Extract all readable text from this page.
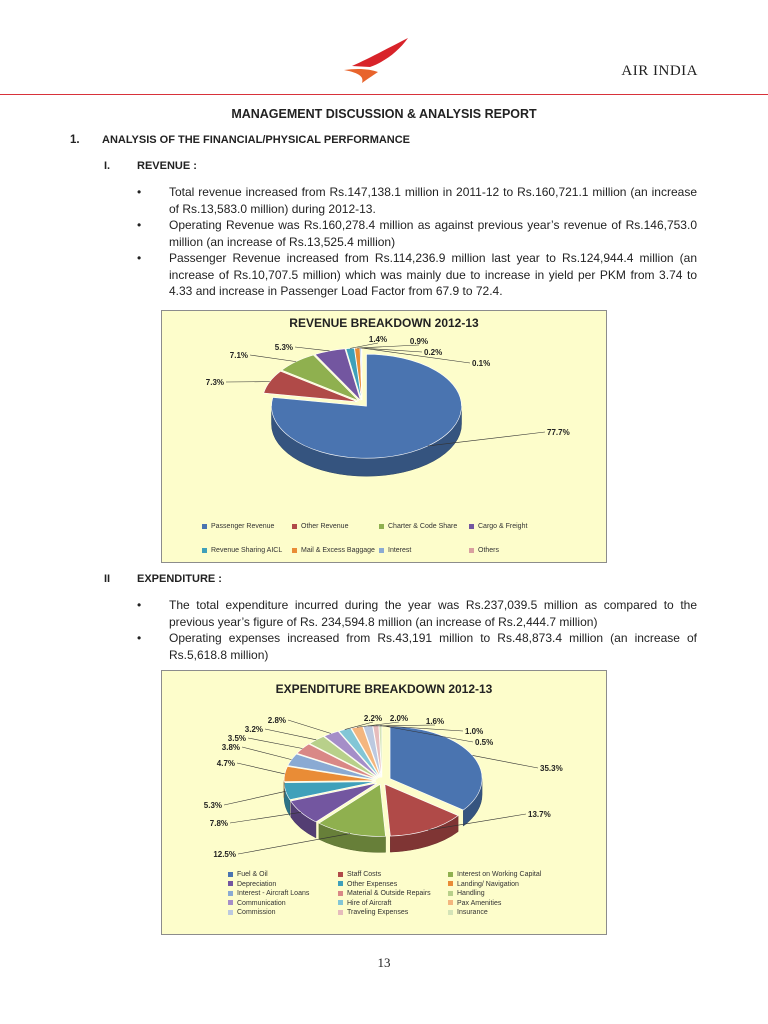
AIR INDIA
MANAGEMENT DISCUSSION & ANALYSIS REPORT
1. ANALYSIS OF THE FINANCIAL/PHYSICAL PERFORMANCE
I. REVENUE :
• Total revenue increased from Rs.147,138.1 million in 2011-12 to Rs.160,721.1 million (an increase of Rs.13,583.0 million) during 2012-13.
• Operating Revenue was Rs.160,278.4 million as against previous year’s revenue of Rs.146,753.0 million (an increase of Rs.13,525.4 million)
• Passenger Revenue increased from Rs.114,236.9 million last year to Rs.124,944.4 million (an increase of Rs.10,707.5 million) which was mainly due to increase in yield per PKM from 3.74 to 4.33 and increase in Passenger Load Factor from 67.9 to 72.4.
REVENUE BREAKDOWN 2012-13
77.7%
7.3%
7.1%
5.3%
1.4%	0.9%
0.2%
0.1%
Passenger Revenue	Other Revenue	Charter & Code Share	Cargo & Freight
Revenue Sharing AICL	Mail & Excess Baggage	Interest	Others
II EXPENDITURE :
• The total expenditure incurred during the year was Rs.237,039.5 million as compared to the previous year’s figure of Rs. 234,594.8 million (an increase of Rs.2,444.7 million)
• Operating expenses increased from Rs.43,191 million to Rs.48,873.4 million (an increase of Rs.5,618.8 million)
EXPENDITURE BREAKDOWN 2012-13
35.3%
13.7%
12.5%
7.8%
5.3%
4.7%
3.8%
3.5%
3.2%
2.8%	2.2% 2.0% 1.6%
1.0%
0.5%
Fuel & Oil	Staff Costs	Interest on Working Capital
Depreciation	Other Expenses	Landing/ Navigation
Interest - Aircraft Loans	Material & Outside Repairs	Handling
Communication	Hire of Aircraft	Pax Amenities
Commission	Traveling Expenses	Insurance
13
